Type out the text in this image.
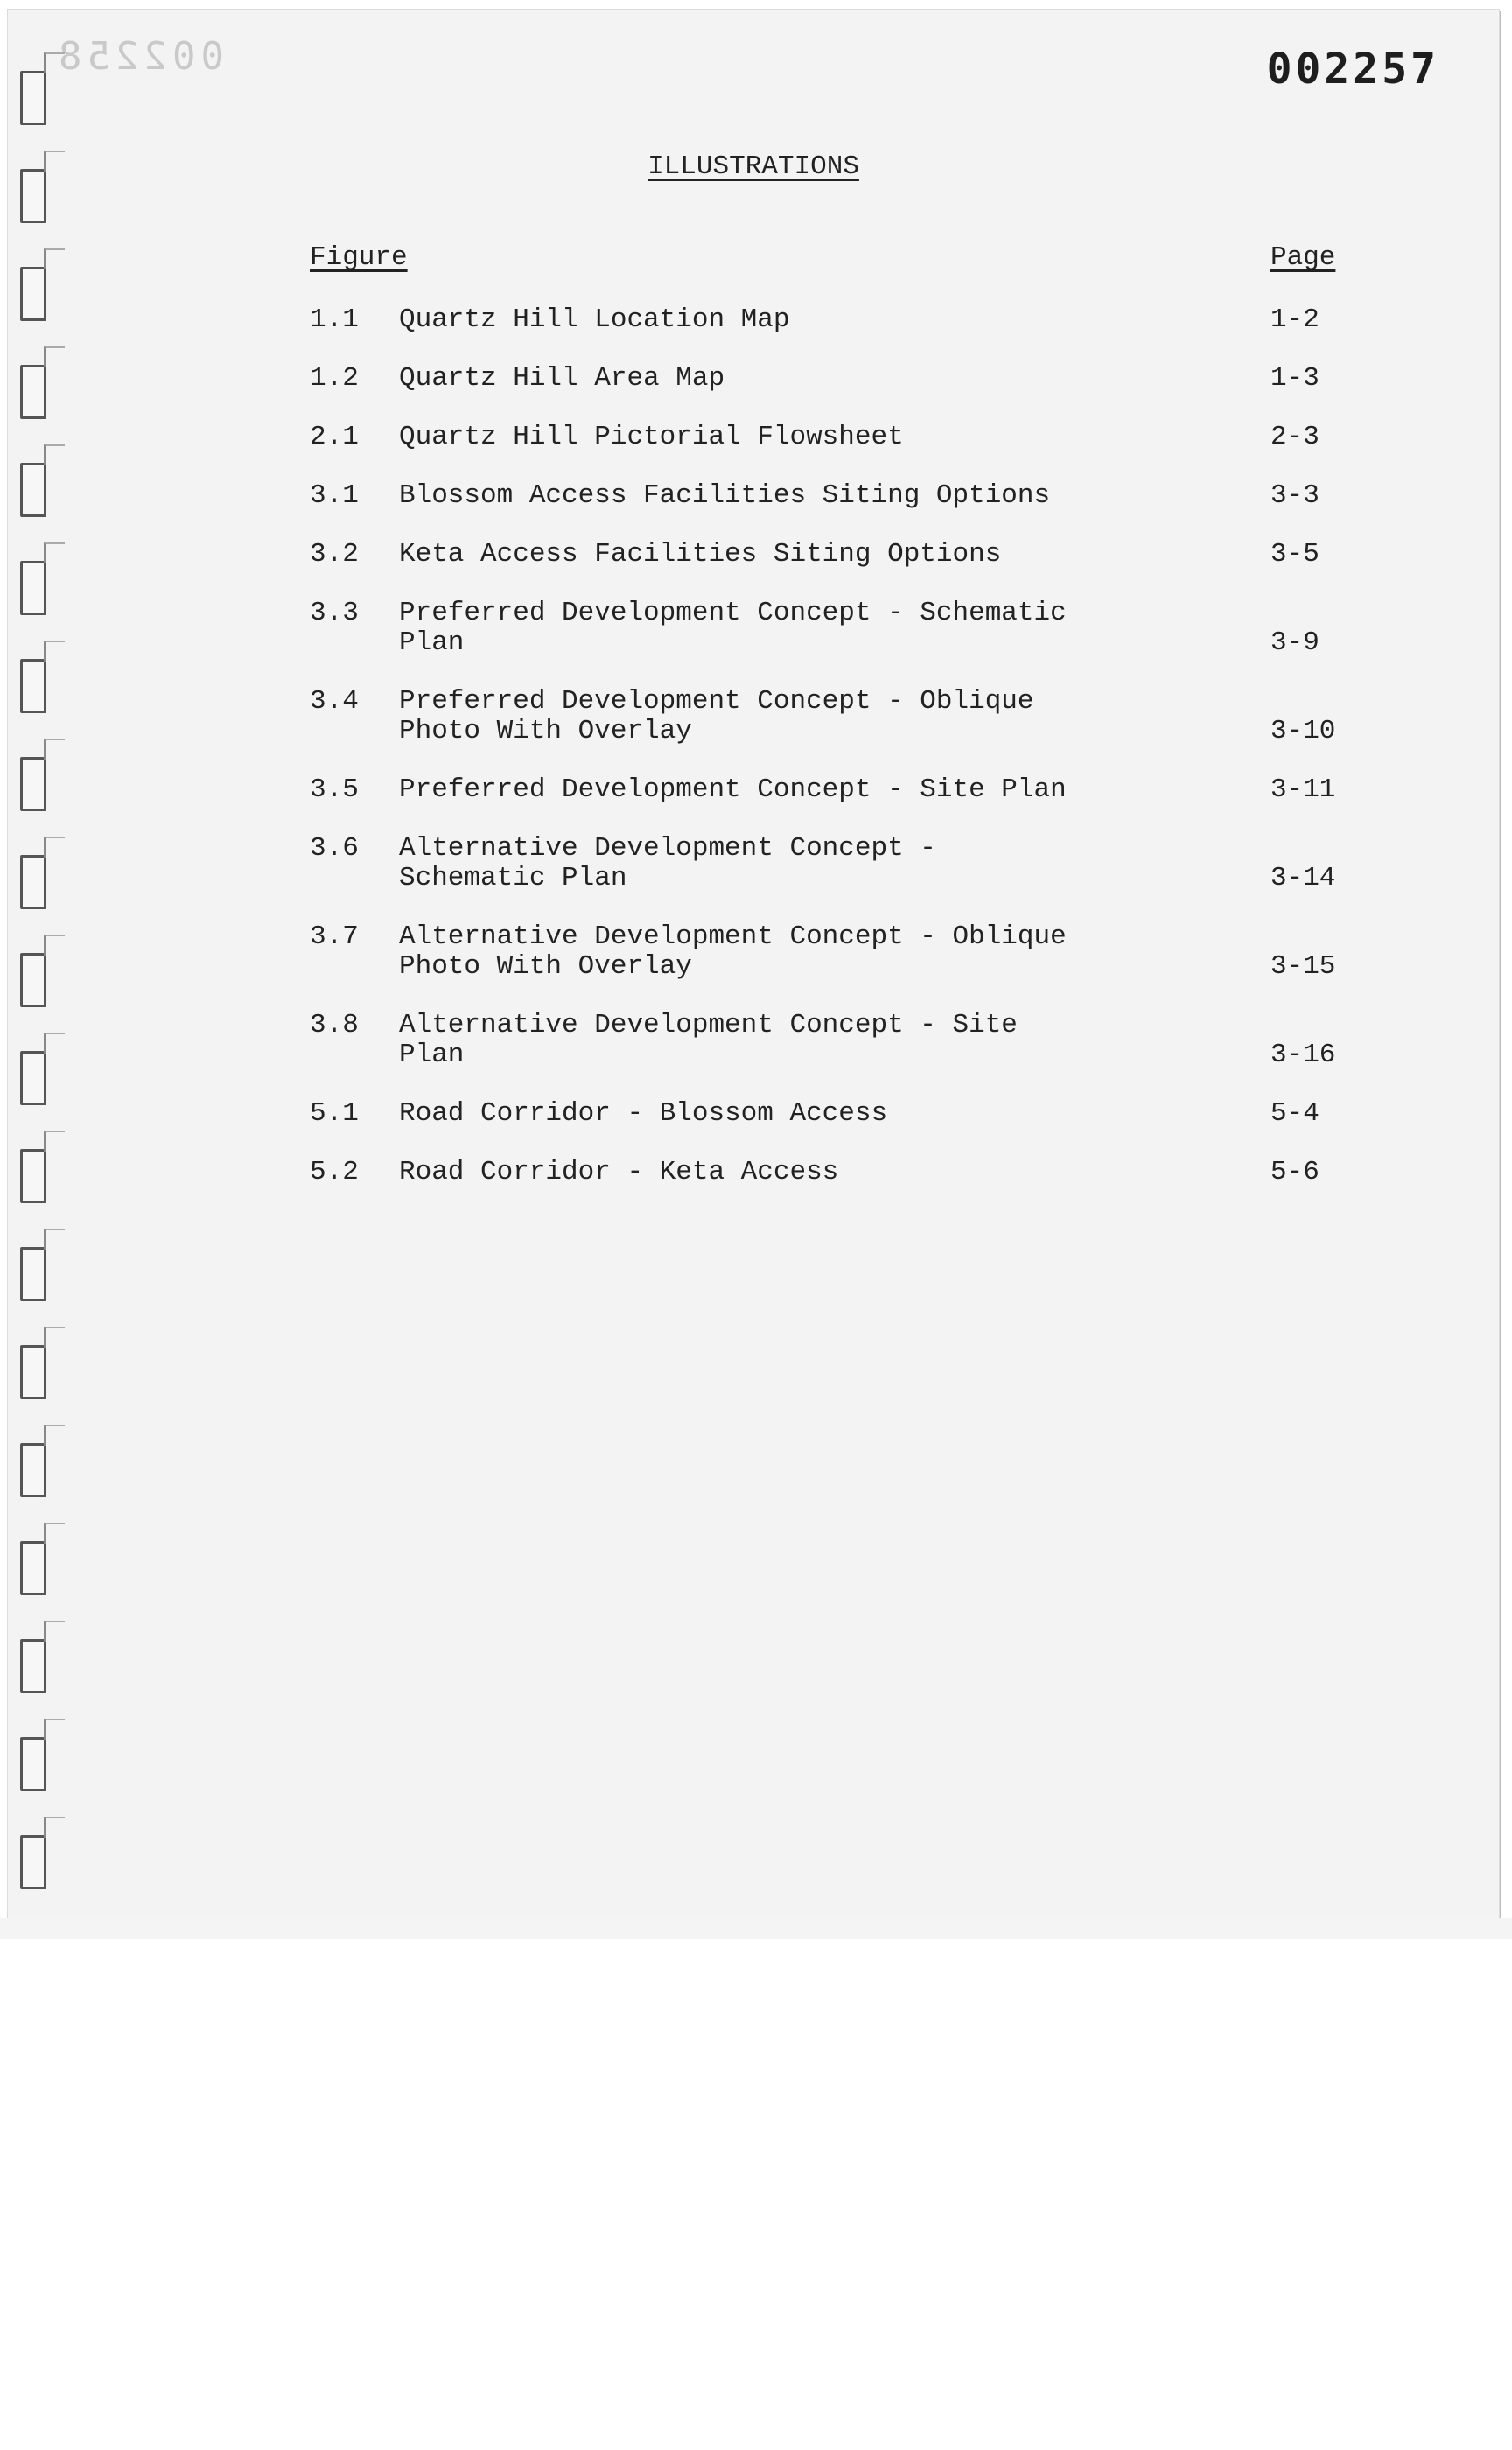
002258	002257
ILLUSTRATIONS
Figure	Page
1.1 Quartz Hill Location Map	1-2
1.2 Quartz Hill Area Map	1-3
2.1 Quartz Hill Pictorial Flowsheet	2-3
3.1 Blossom Access Facilities Siting Options	3-3
3.2 Keta Access Facilities Siting Options	3-5
3.3 Preferred Development Concept - Schematic
Plan	3-9
3.4 Preferred Development Concept - Oblique
Photo With Overlay	3-10
3.5 Preferred Development Concept - Site Plan	3-11
3.6 Alternative Development Concept -
Schematic Plan	3-14
3.7 Alternative Development Concept - Oblique
Photo With Overlay	3-15
3.8 Alternative Development Concept - Site
Plan	3-16
5.1 Road Corridor - Blossom Access	5-4
5.2 Road Corridor - Keta Access	5-6
